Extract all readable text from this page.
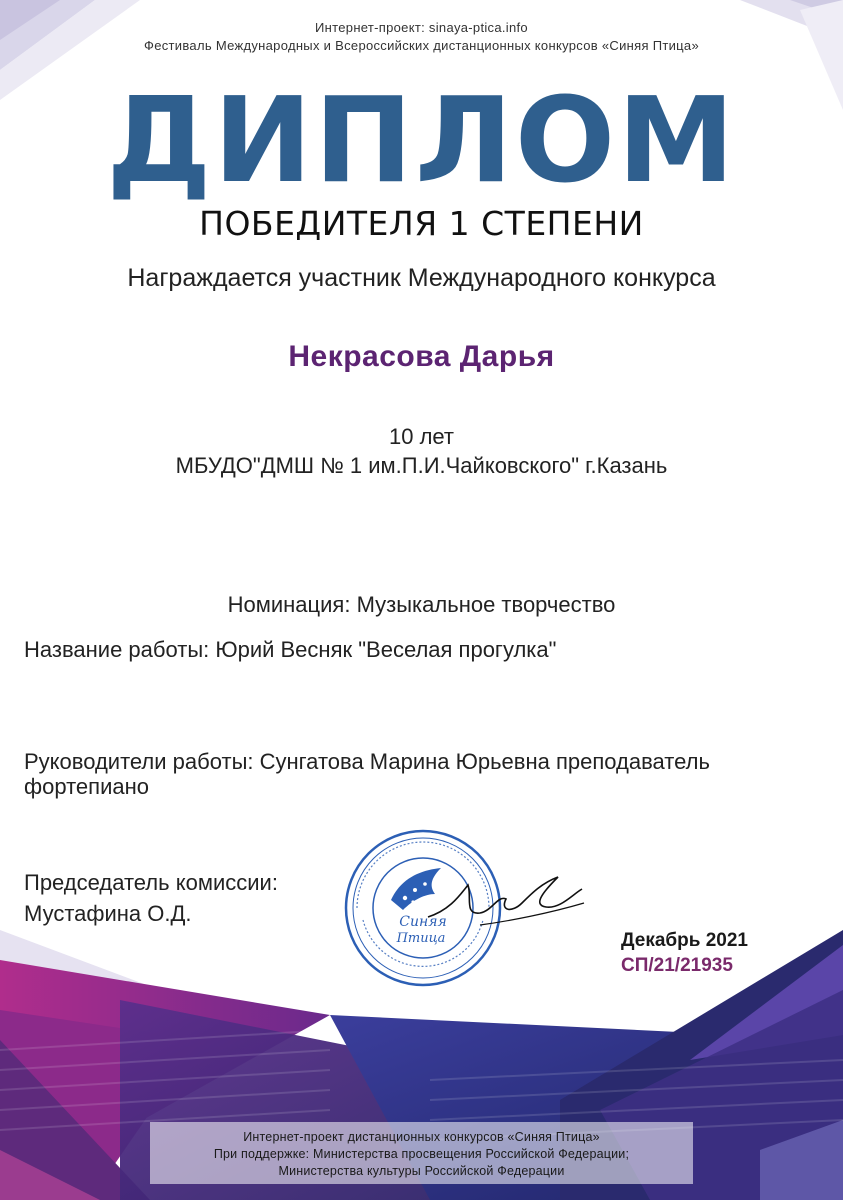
Интернет-проект: sinaya-ptica.info
Фестиваль Международных и Всероссийских дистанционных конкурсов «Синяя Птица»
ДИПЛОМ
ПОБЕДИТЕЛЯ 1 СТЕПЕНИ
Награждается участник Международного конкурса
Некрасова Дарья
10 лет
МБУДО"ДМШ № 1 им.П.И.Чайковского" г.Казань
Номинация: Музыкальное творчество
Название работы: Юрий Весняк "Веселая прогулка"
Руководители работы: Сунгатова Марина Юрьевна преподаватель
фортепиано
Председатель комиссии:
Мустафина О.Д.	Синяя
Птица	Декабрь 2021
СП/21/21935
Интернет-проект дистанционных конкурсов «Синяя Птица»
При поддержке: Министерства просвещения Российской Федерации;
Министерства культуры Российской Федерации
